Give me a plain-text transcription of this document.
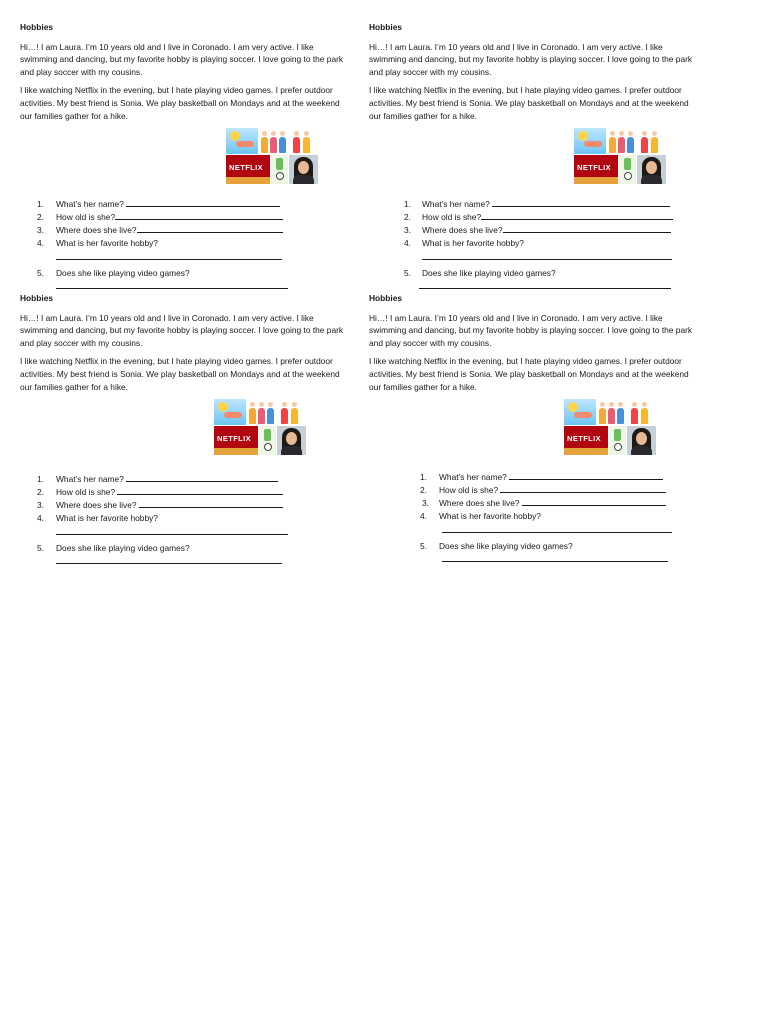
Hobbies

Hi…! I am Laura. I’m 10 years old and I live in Coronado. I am very active. I like swimming and dancing, but my favorite hobby is playing soccer. I love going to the park and play soccer with my cousins.

I like watching Netflix in the evening, but I hate playing video games. I prefer outdoor activities. My best friend is Sonia. We play basketball on Mondays and at the weekend our families gather for a hike.

NETFLIX
1. What’s her name?
2. How old is she?
3. Where does she live?
4. What is her favorite hobby?
5. Does she like playing video games?
Hobbies

Hi…! I am Laura. I’m 10 years old and I live in Coronado. I am very active. I like swimming and dancing, but my favorite hobby is playing soccer. I love going to the park and play soccer with my cousins.

I like watching Netflix in the evening, but I hate playing video games. I prefer outdoor activities. My best friend is Sonia. We play basketball on Mondays and at the weekend our families gather for a hike.

NETFLIX
1. What’s her name?
2. How old is she?
3. Where does she live?
4. What is her favorite hobby?
5. Does she like playing video games?
Hobbies

Hi…! I am Laura. I’m 10 years old and I live in Coronado. I am very active. I like swimming and dancing, but my favorite hobby is playing soccer. I love going to the park and play soccer with my cousins.

I like watching Netflix in the evening, but I hate playing video games. I prefer outdoor activities. My best friend is Sonia. We play basketball on Mondays and at the weekend our families gather for a hike.

NETFLIX
1. What’s her name?
2. How old is she?
3. Where does she live?
4. What is her favorite hobby?
5. Does she like playing video games?
Hobbies

Hi…! I am Laura. I’m 10 years old and I live in Coronado. I am very active. I like swimming and dancing, but my favorite hobby is playing soccer. I love going to the park and play soccer with my cousins.

I like watching Netflix in the evening, but I hate playing video games. I prefer outdoor activities. My best friend is Sonia. We play basketball on Mondays and at the weekend our families gather for a hike.

NETFLIX
1. What’s her name?
2. How old is she?
3. Where does she live?
4. What is her favorite hobby?
5. Does she like playing video games?
